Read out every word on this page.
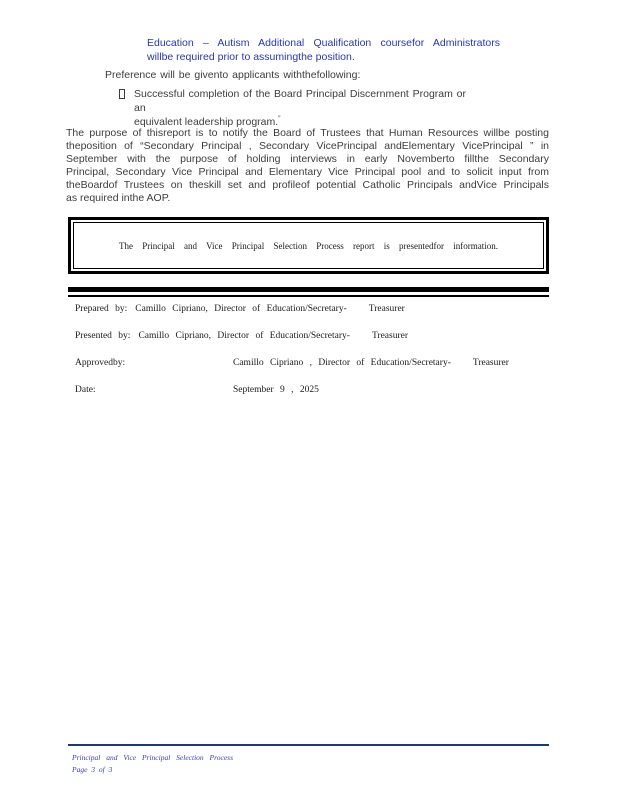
Education – Autism Additional Qualification coursefor Administrators
willbe required prior to assumingthe position.
Preference will be givento applicants withthefollowing:
Successful completion of the Board Principal Discernment Program or an
equivalent leadership program.”
The purpose of thisreport is to notify the Board of Trustees that Human Resources willbe posting
theposition of “Secondary Principal , Secondary VicePrincipal andElementary VicePrincipal ” in
September with the purpose of holding interviews in early Novemberto fillthe Secondary
Principal, Secondary Vice Principal and Elementary Vice Principal pool and to solicit input from
theBoardof Trustees on theskill set and profileof potential Catholic Principals andVice Principals
as required inthe AOP.

The Principal and Vice Principal Selection Process report is presentedfor information.

Prepared by: Camillo Cipriano, Director of Education/Secretary- Treasurer
Presented by: Camillo Cipriano, Director of Education/Secretary- Treasurer
Approvedby:	Camillo Cipriano , Director of Education/Secretary- Treasurer
Date:	September 9 , 2025
Principal and Vice Principal Selection Process
Page 3 of 3
